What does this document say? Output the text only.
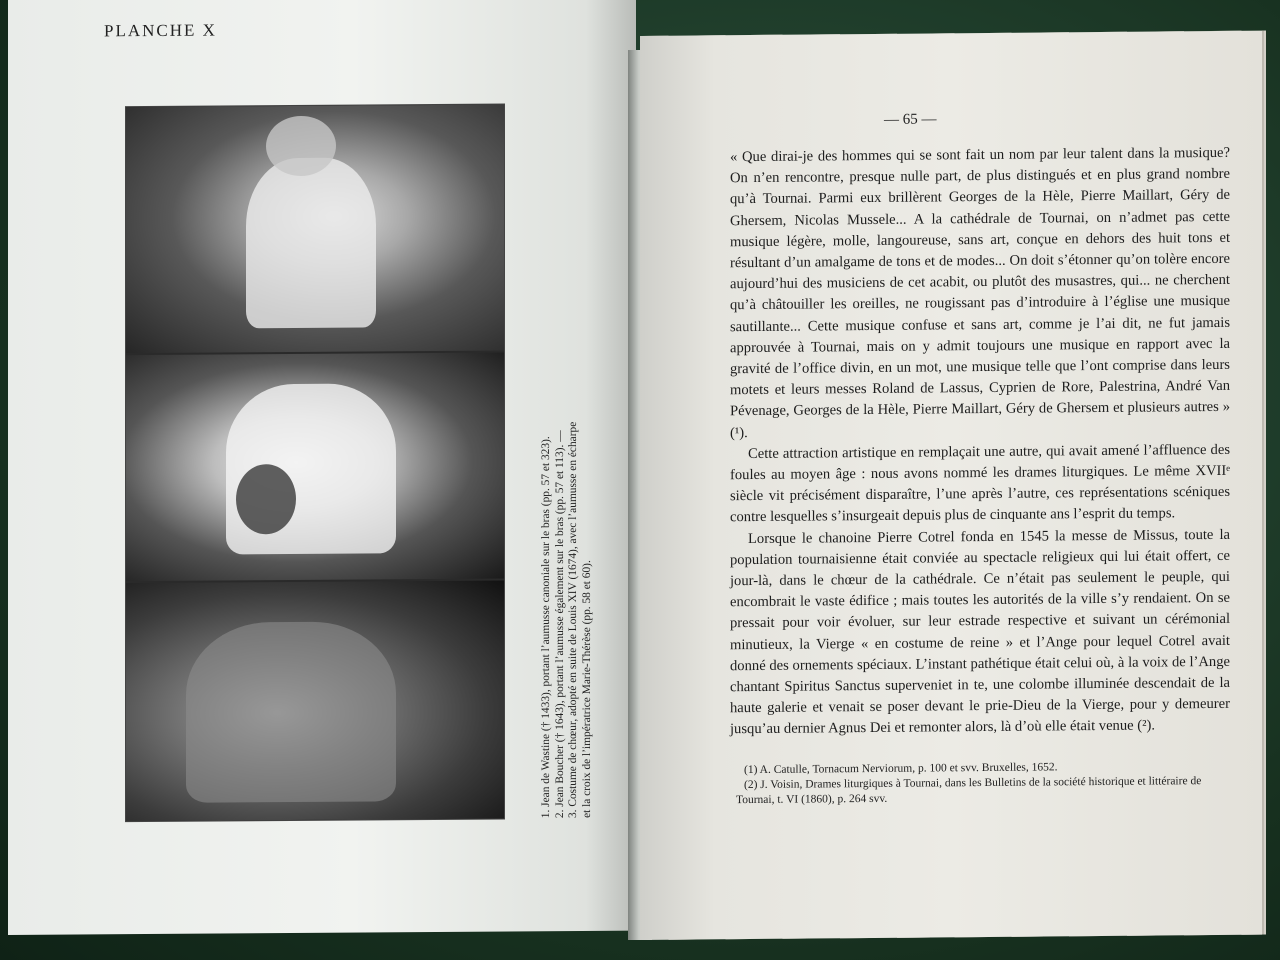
PLANCHE X
1. Jean de Wastine († 1433), portant l’aumusse canoniale sur le bras (pp. 57 et 323). 2. Jean Boucher († 1643), portant l’aumusse également sur le bras (pp. 57 et 113). — 3. Costume de chœur, adopté en suite de Louis XIV (1674), avec l’aumusse en écharpe et la croix de l’impératrice Marie-Thérèse (pp. 58 et 60).
— 65 —

« Que dirai-je des hommes qui se sont fait un nom par leur talent dans la musique? On n’en rencontre, presque nulle part, de plus distingués et en plus grand nombre qu’à Tournai. Parmi eux brillèrent Georges de la Hèle, Pierre Maillart, Géry de Ghersem, Nicolas Mussele... A la cathédrale de Tournai, on n’admet pas cette musique légère, molle, langoureuse, sans art, conçue en dehors des huit tons et résultant d’un amalgame de tons et de modes... On doit s’étonner qu’on tolère encore aujourd’hui des musiciens de cet acabit, ou plutôt des musastres, qui... ne cherchent qu’à châtouiller les oreilles, ne rougissant pas d’introduire à l’église une musique sautillante... Cette musique confuse et sans art, comme je l’ai dit, ne fut jamais approuvée à Tournai, mais on y admit toujours une musique en rapport avec la gravité de l’office divin, en un mot, une musique telle que l’ont comprise dans leurs motets et leurs messes Roland de Lassus, Cyprien de Rore, Palestrina, André Van Pévenage, Georges de la Hèle, Pierre Maillart, Géry de Ghersem et plusieurs autres » (¹).

Cette attraction artistique en remplaçait une autre, qui avait amené l’affluence des foules au moyen âge : nous avons nommé les drames liturgiques. Le même XVIIᵉ siècle vit précisément disparaître, l’une après l’autre, ces représentations scéniques contre lesquelles s’insurgeait depuis plus de cinquante ans l’esprit du temps.

Lorsque le chanoine Pierre Cotrel fonda en 1545 la messe de Missus, toute la population tournaisienne était conviée au spectacle religieux qui lui était offert, ce jour-là, dans le chœur de la cathédrale. Ce n’était pas seulement le peuple, qui encombrait le vaste édifice ; mais toutes les autorités de la ville s’y rendaient. On se pressait pour voir évoluer, sur leur estrade respective et suivant un cérémonial minutieux, la Vierge « en costume de reine » et l’Ange pour lequel Cotrel avait donné des ornements spéciaux. L’instant pathétique était celui où, à la voix de l’Ange chantant Spiritus Sanctus superveniet in te, une colombe illuminée descendait de la haute galerie et venait se poser devant le prie-Dieu de la Vierge, pour y demeurer jusqu’au dernier Agnus Dei et remonter alors, là d’où elle était venue (²).

(1) A. Catulle, Tornacum Nerviorum, p. 100 et svv. Bruxelles, 1652.
(2) J. Voisin, Drames liturgiques à Tournai, dans les Bulletins de la société historique et littéraire de Tournai, t. VI (1860), p. 264 svv.
